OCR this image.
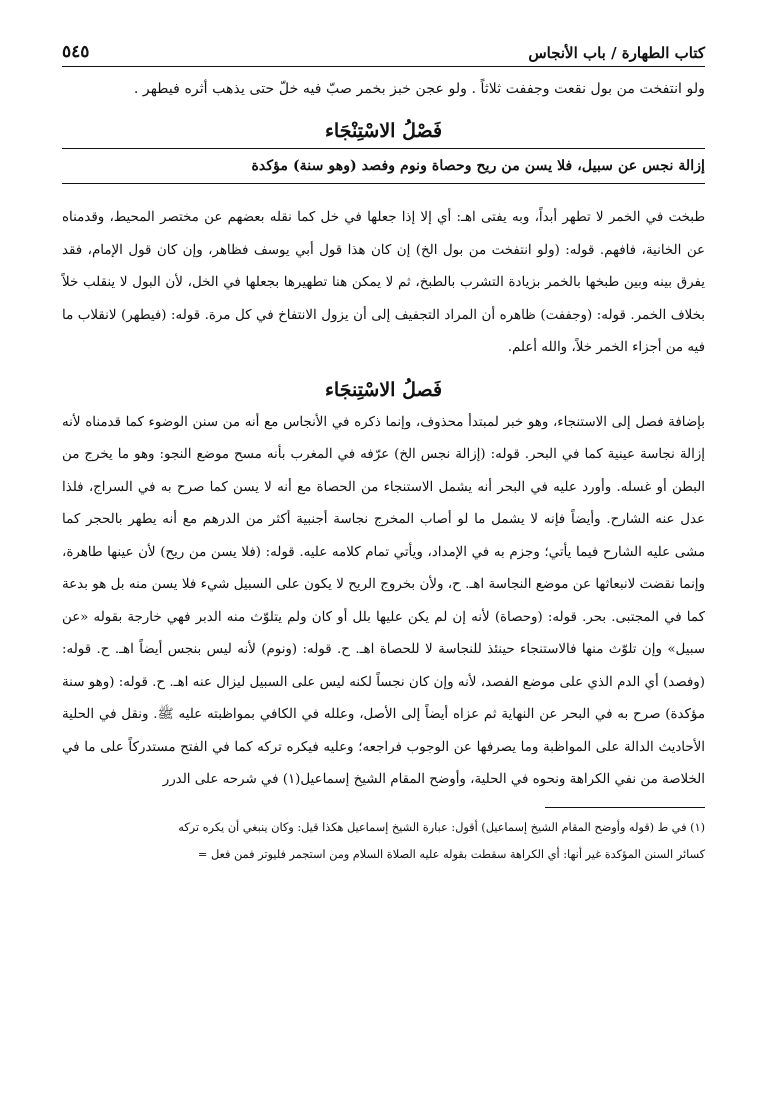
كتاب الطهارة / باب الأنجاس
٥٤٥

ولو انتفخت من بول نقعت وجففت ثلاثاً . ولو عجن خبز بخمر صبّ فيه خلّ حتى يذهب أثره فيطهر .

فَصْلُ الاسْتِنْجَاء

إزالة نجس عن سبيل، فلا يسن من ريح وحصاة ونوم وفصد (وهو سنة) مؤكدة

طبخت في الخمر لا تطهر أبداً، وبه يفتى اهـ: أي إلا إذا جعلها في خل كما نقله بعضهم عن مختصر المحيط، وقدمناه عن الخانية، فافهم. قوله: (ولو انتفخت من بول الخ) إن كان هذا قول أبي يوسف فظاهر، وإن كان قول الإمام، فقد يفرق بينه وبين طبخها بالخمر بزيادة التشرب بالطبخ، ثم لا يمكن هنا تطهيرها بجعلها في الخل، لأن البول لا ينقلب خلاً بخلاف الخمر. قوله: (وجففت) ظاهره أن المراد التجفيف إلى أن يزول الانتفاخ في كل مرة. قوله: (فيطهر) لانقلاب ما فيه من أجزاء الخمر خلاً، والله أعلم.

فَصلُ الاسْتِنجَاء

بإضافة فصل إلى الاستنجاء، وهو خبر لمبتدأ محذوف، وإنما ذكره في الأنجاس مع أنه من سنن الوضوء كما قدمناه لأنه إزالة نجاسة عينية كما في البحر. قوله: (إزالة نجس الخ) عرّفه في المغرب بأنه مسح موضع النجو: وهو ما يخرج من البطن أو غسله. وأورد عليه في البحر أنه يشمل الاستنجاء من الحصاة مع أنه لا يسن كما صرح به في السراج، فلذا عدل عنه الشارح. وأيضاً فإنه لا يشمل ما لو أصاب المخرج نجاسة أجنبية أكثر من الدرهم مع أنه يطهر بالحجر كما مشى عليه الشارح فيما يأتي؛ وجزم به في الإمداد، ويأتي تمام كلامه عليه. قوله: (فلا يسن من ريح) لأن عينها طاهرة، وإنما نقضت لانبعاثها عن موضع النجاسة اهـ. ح، ولأن بخروج الريح لا يكون على السبيل شيء فلا يسن منه بل هو بدعة كما في المجتبى. بحر. قوله: (وحصاة) لأنه إن لم يكن عليها بلل أو كان ولم يتلوّث منه الدبر فهي خارجة بقوله «عن سبيل» وإن تلوّث منها فالاستنجاء حينئذ للنجاسة لا للحصاة اهـ. ح. قوله: (ونوم) لأنه ليس بنجس أيضاً اهـ. ح. قوله: (وفصد) أي الدم الذي على موضع الفصد، لأنه وإن كان نجساً لكنه ليس على السبيل ليزال عنه اهـ. ح. قوله: (وهو سنة مؤكدة) صرح به في البحر عن النهاية ثم عزاه أيضاً إلى الأصل، وعلله في الكافي بمواظبته عليه ﷺ. ونقل في الحلية الأحاديث الدالة على المواظبة وما يصرفها عن الوجوب فراجعه؛ وعليه فيكره تركه كما في الفتح مستدركاً على ما في الخلاصة من نفي الكراهة ونحوه في الحلية، وأوضح المقام الشيخ إسماعيل(١) في شرحه على الدرر

(١) في ط (قوله وأوضح المقام الشيخ إسماعيل) أقول: عبارة الشيخ إسماعيل هكذا قيل: وكان ينبغي أن يكره تركه

كسائر السنن المؤكدة غير أنها: أي الكراهة سقطت بقوله عليه الصلاة السلام ومن استجمر فليوتر فمن فعل =
